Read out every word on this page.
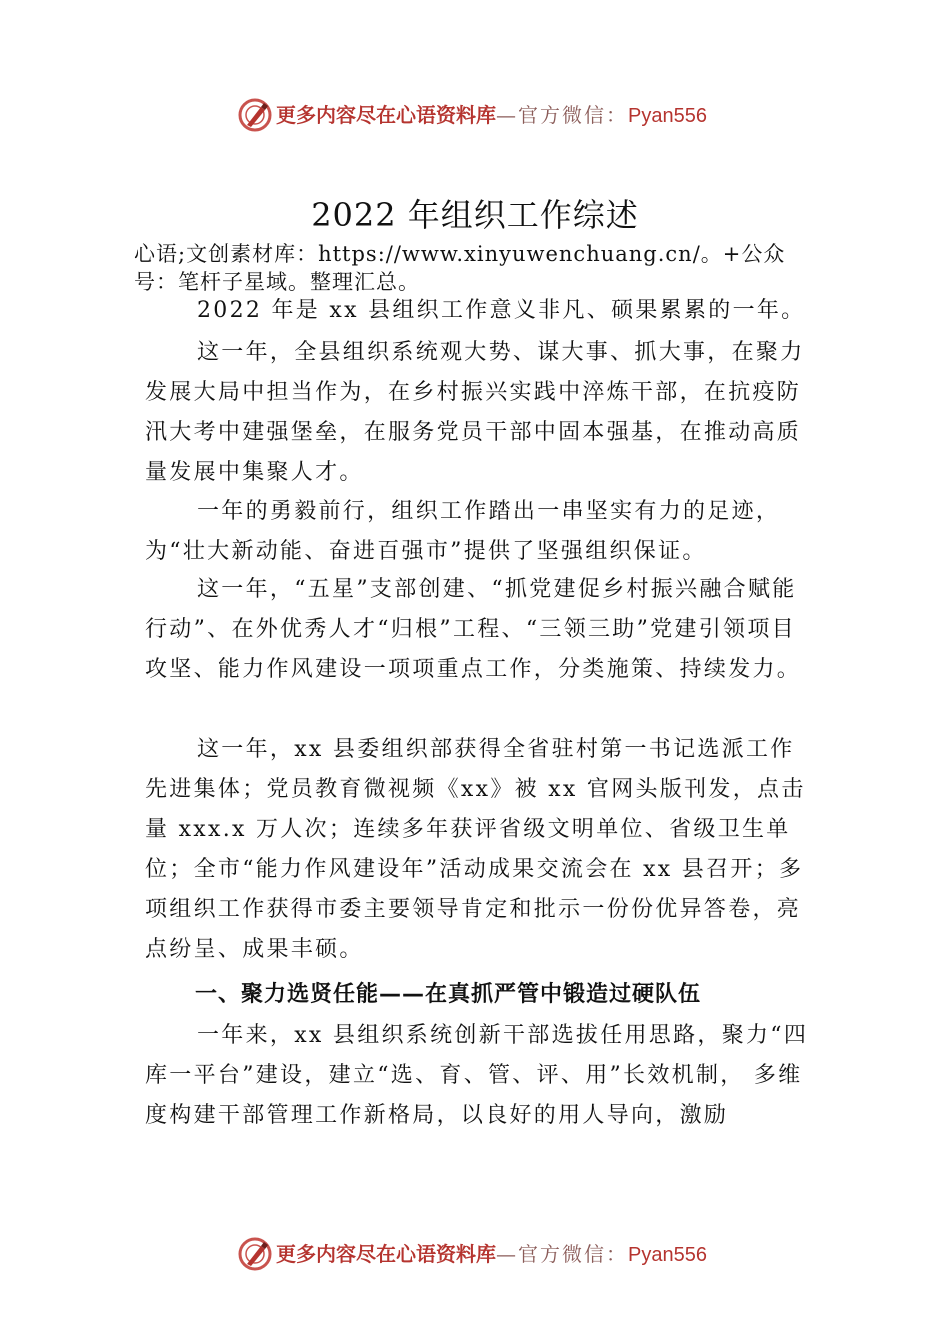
更多内容尽在心语资料库—官方微信：Pyan556
2022 年组织工作综述
心语;文创素材库：https://www.xinyuwenchuang.cn/。+公众号：笔杆子星域。整理汇总。

2022 年是 xx 县组织工作意义非凡、硕果累累的一年。

这一年，全县组织系统观大势、谋大事、抓大事，在聚力发展大局中担当作为，在乡村振兴实践中淬炼干部，在抗疫防汛大考中建强堡垒，在服务党员干部中固本强基，在推动高质量发展中集聚人才。

一年的勇毅前行，组织工作踏出一串坚实有力的足迹，为“壮大新动能、奋进百强市”提供了坚强组织保证。

这一年，“五星”支部创建、“抓党建促乡村振兴融合赋能行动”、在外优秀人才“归根”工程、“三领三助”党建引领项目攻坚、能力作风建设一项项重点工作，分类施策、持续发力。

这一年，xx 县委组织部获得全省驻村第一书记选派工作先进集体；党员教育微视频《xx》被 xx 官网头版刊发，点击量 xxx.x 万人次；连续多年获评省级文明单位、省级卫生单位；全市“能力作风建设年”活动成果交流会在 xx 县召开；多项组织工作获得市委主要领导肯定和批示一份份优异答卷，亮点纷呈、成果丰硕。

一、聚力选贤任能——在真抓严管中锻造过硬队伍

一年来，xx 县组织系统创新干部选拔任用思路，聚力“四库一平台”建设，建立“选、育、管、评、用”长效机制， 多维度构建干部管理工作新格局，以良好的用人导向，激励

更多内容尽在心语资料库—官方微信：Pyan556
